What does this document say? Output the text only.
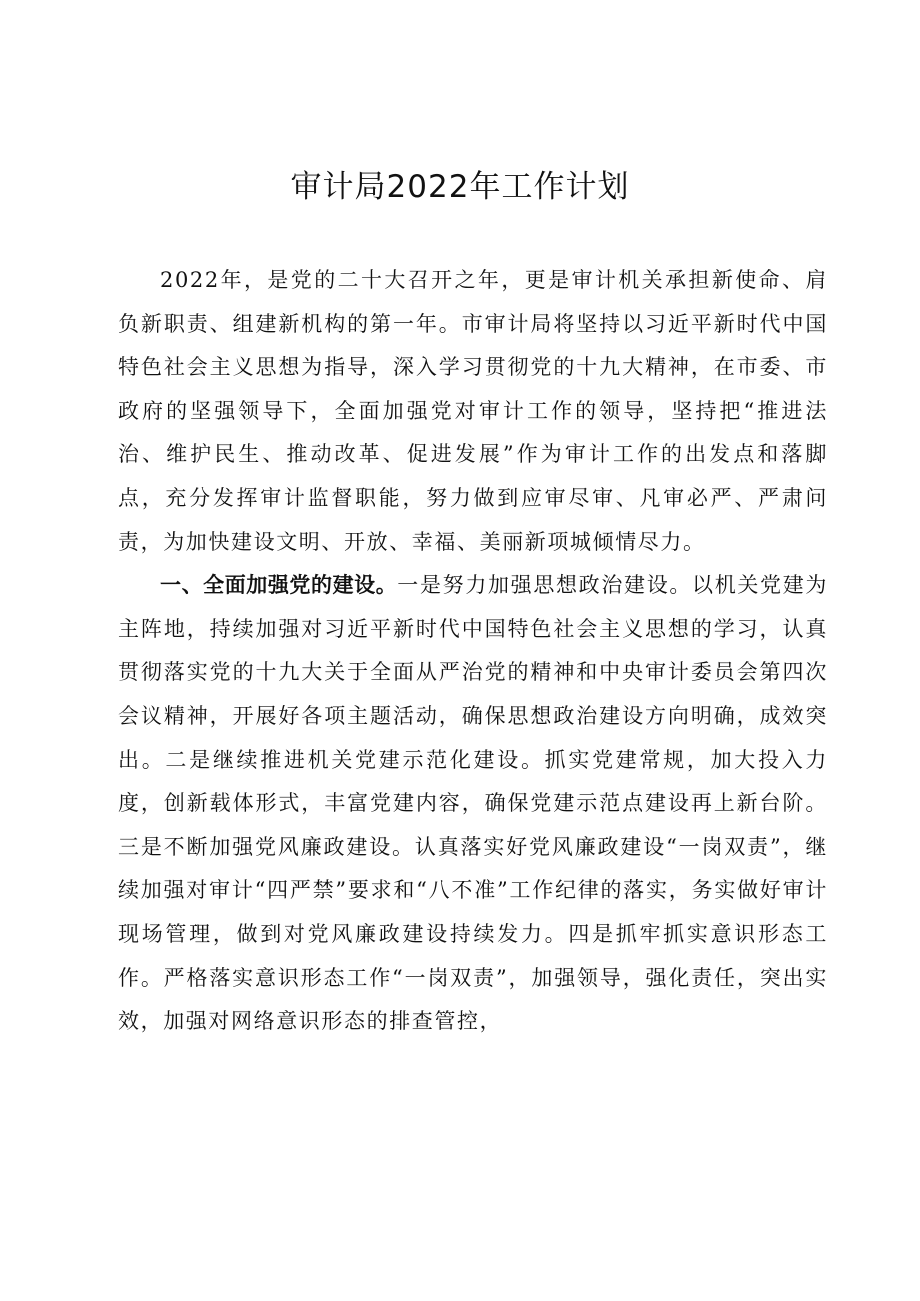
审计局2022年工作计划

2022年，是党的二十大召开之年，更是审计机关承担新使命、肩负新职责、组建新机构的第一年。市审计局将坚持以习近平新时代中国特色社会主义思想为指导，深入学习贯彻党的十九大精神，在市委、市政府的坚强领导下，全面加强党对审计工作的领导，坚持把“推进法治、维护民生、推动改革、促进发展”作为审计工作的出发点和落脚点，充分发挥审计监督职能，努力做到应审尽审、凡审必严、严肃问责，为加快建设文明、开放、幸福、美丽新项城倾情尽力。

一、全面加强党的建设。一是努力加强思想政治建设。以机关党建为主阵地，持续加强对习近平新时代中国特色社会主义思想的学习，认真贯彻落实党的十九大关于全面从严治党的精神和中央审计委员会第四次会议精神，开展好各项主题活动，确保思想政治建设方向明确，成效突出。二是继续推进机关党建示范化建设。抓实党建常规，加大投入力度，创新载体形式，丰富党建内容，确保党建示范点建设再上新台阶。三是不断加强党风廉政建设。认真落实好党风廉政建设“一岗双责”，继续加强对审计“四严禁”要求和“八不准”工作纪律的落实，务实做好审计现场管理，做到对党风廉政建设持续发力。四是抓牢抓实意识形态工作。严格落实意识形态工作“一岗双责”，加强领导，强化责任，突出实效，加强对网络意识形态的排查管控，
